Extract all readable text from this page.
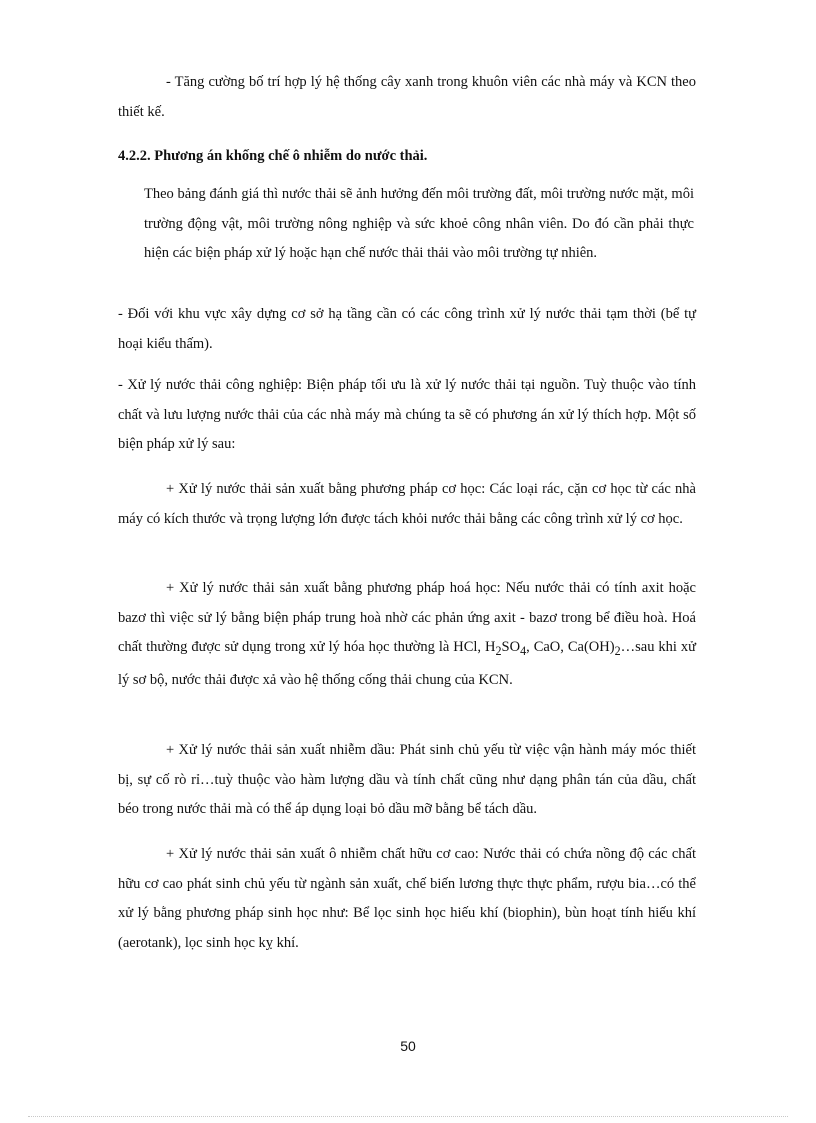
- Tăng cường bố trí hợp lý hệ thống cây xanh trong khuôn viên các nhà máy và KCN theo thiết kế.

4.2.2. Phương án khống chế ô nhiễm do nước thải.

Theo bảng đánh giá thì nước thải sẽ ảnh hưởng đến môi trường đất, môi trường nước mặt, môi trường động vật, môi trường nông nghiệp và sức khoẻ công nhân viên. Do đó cần phải thực hiện các biện pháp xử lý hoặc hạn chế nước thải thải vào môi trường tự nhiên.

- Đối với khu vực xây dựng cơ sở hạ tầng cần có các công trình xử lý nước thải tạm thời (bể tự hoại kiểu thấm).

- Xử lý nước thải công nghiệp: Biện pháp tối ưu là xử lý nước thải tại nguồn. Tuỳ thuộc vào tính chất và lưu lượng nước thải của các nhà máy mà chúng ta sẽ có phương án xử lý thích hợp. Một số biện pháp xử lý sau:

+ Xử lý nước thải sản xuất bằng phương pháp cơ học: Các loại rác, cặn cơ học từ các nhà máy có kích thước và trọng lượng lớn được tách khỏi nước thải bằng các công trình xử lý cơ học.

+ Xử lý nước thải sản xuất bằng phương pháp hoá học: Nếu nước thải có tính axit hoặc bazơ thì việc sử lý bằng biện pháp trung hoà nhờ các phản ứng axit - bazơ trong bể điều hoà. Hoá chất thường được sử dụng trong xử lý hóa học thường là HCl, $H_2SO_4$, CaO, $Ca(OH)_2\dots sau$ khi xử lý sơ bộ, nước thải được xả vào hệ thống cống thải chung của KCN.

+ Xử lý nước thải sản xuất nhiễm dầu: Phát sinh chủ yếu từ việc vận hành máy móc thiết bị, sự cố rò rỉ…tuỳ thuộc vào hàm lượng dầu và tính chất cũng như dạng phân tán của dầu, chất béo trong nước thải mà có thể áp dụng loại bỏ dầu mỡ bằng bể tách dầu.

+ Xử lý nước thải sản xuất ô nhiễm chất hữu cơ cao: Nước thải có chứa nồng độ các chất hữu cơ cao phát sinh chủ yếu từ ngành sản xuất, chế biến lương thực thực phẩm, rượu bia…có thể xử lý bằng phương pháp sinh học như: Bể lọc sinh học hiếu khí (biophin), bùn hoạt tính hiếu khí (aerotank), lọc sinh học kỵ khí.

50
